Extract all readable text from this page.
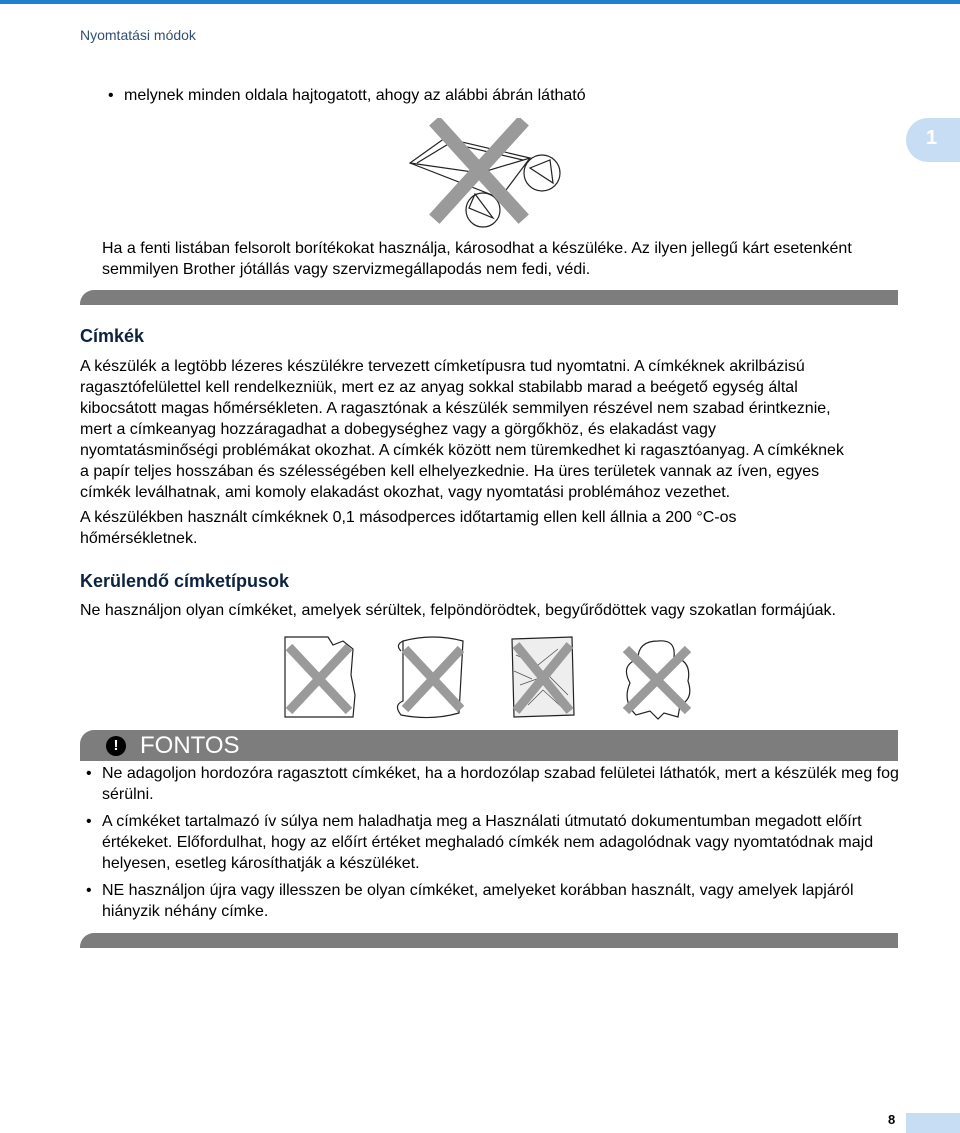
Nyomtatási módok
1
• melynek minden oldala hajtogatott, ahogy az alábbi ábrán látható
Ha a fenti listában felsorolt borítékokat használja, károsodhat a készüléke. Az ilyen jellegű kárt esetenként
semmilyen Brother jótállás vagy szervizmegállapodás nem fedi, védi.
Címkék
A készülék a legtöbb lézeres készülékre tervezett címketípusra tud nyomtatni. A címkéknek akrilbázisú
ragasztófelülettel kell rendelkezniük, mert ez az anyag sokkal stabilabb marad a beégető egység által
kibocsátott magas hőmérsékleten. A ragasztónak a készülék semmilyen részével nem szabad érintkeznie,
mert a címkeanyag hozzáragadhat a dobegységhez vagy a görgőkhöz, és elakadást vagy
nyomtatásminőségi problémákat okozhat. A címkék között nem türemkedhet ki ragasztóanyag. A címkéknek
a papír teljes hosszában és szélességében kell elhelyezkednie. Ha üres területek vannak az íven, egyes
címkék leválhatnak, ami komoly elakadást okozhat, vagy nyomtatási problémához vezethet.
A készülékben használt címkéknek 0,1 másodperces időtartamig ellen kell állnia a 200 °C-os
hőmérsékletnek.
Kerülendő címketípusok
Ne használjon olyan címkéket, amelyek sérültek, felpöndörödtek, begyűrődöttek vagy szokatlan formájúak.
! FONTOS
• Ne adagoljon hordozóra ragasztott címkéket, ha a hordozólap szabad felületei láthatók, mert a készülék meg fog sérülni.
• A címkéket tartalmazó ív súlya nem haladhatja meg a Használati útmutató dokumentumban megadott előírt értékeket. Előfordulhat, hogy az előírt értéket meghaladó címkék nem adagolódnak vagy nyomtatódnak majd helyesen, esetleg károsíthatják a készüléket.
• NE használjon újra vagy illesszen be olyan címkéket, amelyeket korábban használt, vagy amelyek lapjáról hiányzik néhány címke.
8
